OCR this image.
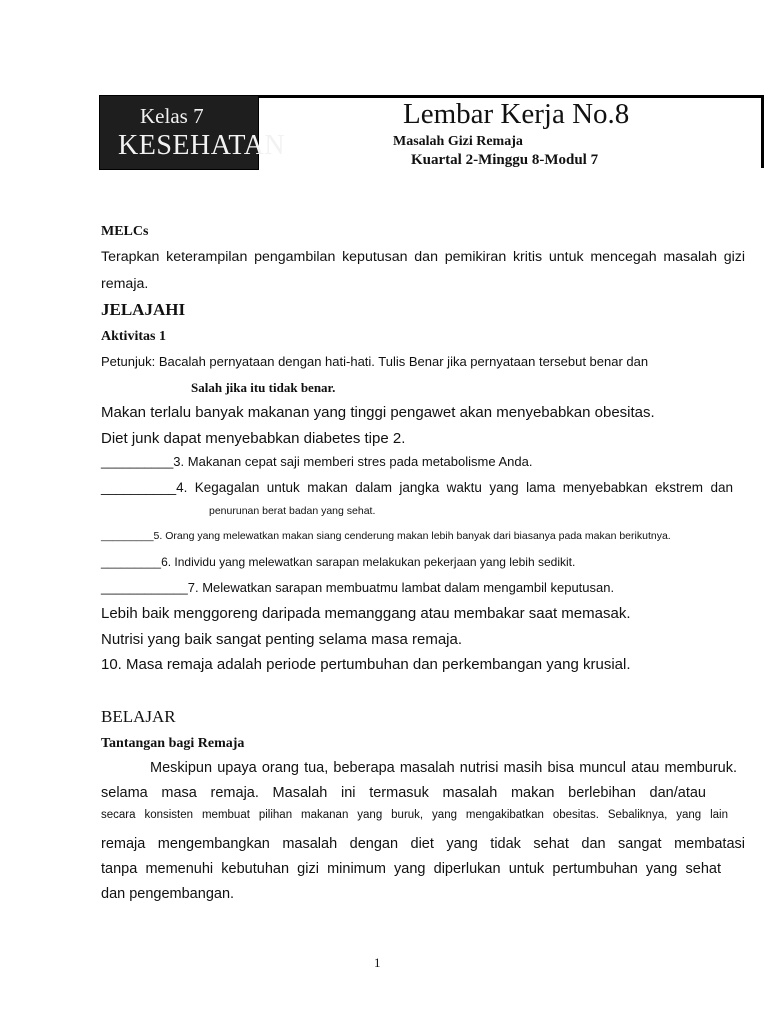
Kelas 7
KESEHATAN
Lembar Kerja No.8
Masalah Gizi Remaja
Kuartal 2-Minggu 8-Modul 7
MELCs
Terapkan keterampilan pengambilan keputusan dan pemikiran kritis untuk mencegah masalah gizi
remaja.
JELAJAHI
Aktivitas 1
Petunjuk: Bacalah pernyataan dengan hati-hati. Tulis Benar jika pernyataan tersebut benar dan
Salah jika itu tidak benar.
Makan terlalu banyak makanan yang tinggi pengawet akan menyebabkan obesitas.
Diet junk dapat menyebabkan diabetes tipe 2.
__________3. Makanan cepat saji memberi stres pada metabolisme Anda.
__________4. Kegagalan untuk makan dalam jangka waktu yang lama menyebabkan ekstrem dan
penurunan berat badan yang sehat.
_________5. Orang yang melewatkan makan siang cenderung makan lebih banyak dari biasanya pada makan berikutnya.
_________6. Individu yang melewatkan sarapan melakukan pekerjaan yang lebih sedikit.
____________7. Melewatkan sarapan membuatmu lambat dalam mengambil keputusan.
Lebih baik menggoreng daripada memanggang atau membakar saat memasak.
Nutrisi yang baik sangat penting selama masa remaja.
10. Masa remaja adalah periode pertumbuhan dan perkembangan yang krusial.
BELAJAR
Tantangan bagi Remaja
Meskipun upaya orang tua, beberapa masalah nutrisi masih bisa muncul atau memburuk.
selama masa remaja. Masalah ini termasuk masalah makan berlebihan dan/atau
secara konsisten membuat pilihan makanan yang buruk, yang mengakibatkan obesitas. Sebaliknya, yang lain
remaja mengembangkan masalah dengan diet yang tidak sehat dan sangat membatasi
tanpa memenuhi kebutuhan gizi minimum yang diperlukan untuk pertumbuhan yang sehat
dan pengembangan.
1
